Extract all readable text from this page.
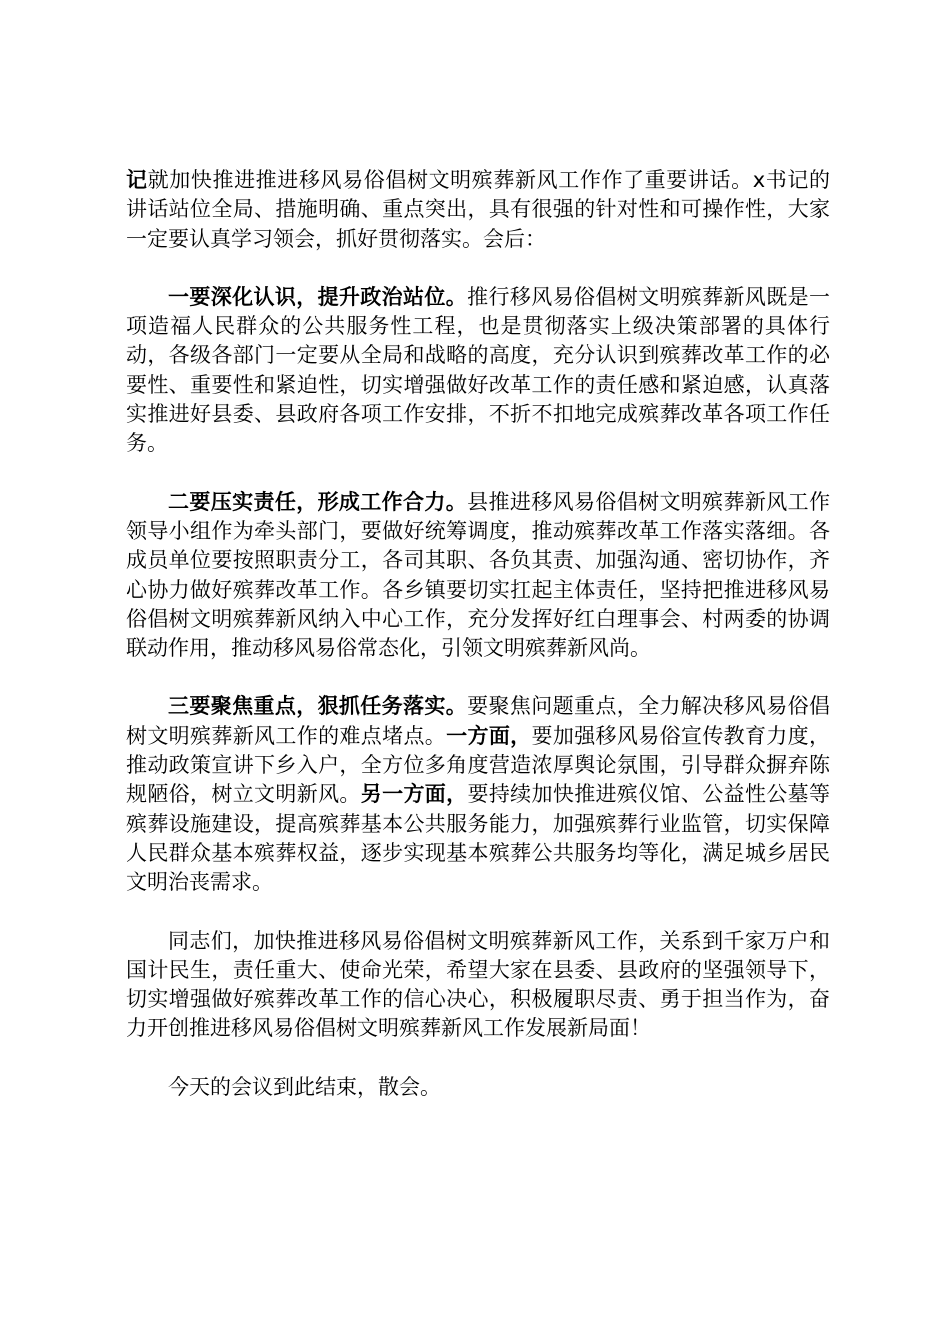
记就加快推进推进移风易俗倡树文明殡葬新风工作作了重要讲话。x书记的讲话站位全局、措施明确、重点突出，具有很强的针对性和可操作性，大家一定要认真学习领会，抓好贯彻落实。会后：

一要深化认识，提升政治站位。推行移风易俗倡树文明殡葬新风既是一项造福人民群众的公共服务性工程，也是贯彻落实上级决策部署的具体行动，各级各部门一定要从全局和战略的高度，充分认识到殡葬改革工作的必要性、重要性和紧迫性，切实增强做好改革工作的责任感和紧迫感，认真落实推进好县委、县政府各项工作安排，不折不扣地完成殡葬改革各项工作任务。

二要压实责任，形成工作合力。县推进移风易俗倡树文明殡葬新风工作领导小组作为牵头部门，要做好统筹调度，推动殡葬改革工作落实落细。各成员单位要按照职责分工，各司其职、各负其责、加强沟通、密切协作，齐心协力做好殡葬改革工作。各乡镇要切实扛起主体责任，坚持把推进移风易俗倡树文明殡葬新风纳入中心工作，充分发挥好红白理事会、村两委的协调联动作用，推动移风易俗常态化，引领文明殡葬新风尚。

三要聚焦重点，狠抓任务落实。要聚焦问题重点，全力解决移风易俗倡树文明殡葬新风工作的难点堵点。一方面，要加强移风易俗宣传教育力度，推动政策宣讲下乡入户，全方位多角度营造浓厚舆论氛围，引导群众摒弃陈规陋俗，树立文明新风。另一方面，要持续加快推进殡仪馆、公益性公墓等殡葬设施建设，提高殡葬基本公共服务能力，加强殡葬行业监管，切实保障人民群众基本殡葬权益，逐步实现基本殡葬公共服务均等化，满足城乡居民文明治丧需求。

同志们，加快推进移风易俗倡树文明殡葬新风工作，关系到千家万户和国计民生，责任重大、使命光荣，希望大家在县委、县政府的坚强领导下，切实增强做好殡葬改革工作的信心决心，积极履职尽责、勇于担当作为，奋力开创推进移风易俗倡树文明殡葬新风工作发展新局面！

今天的会议到此结束，散会。
